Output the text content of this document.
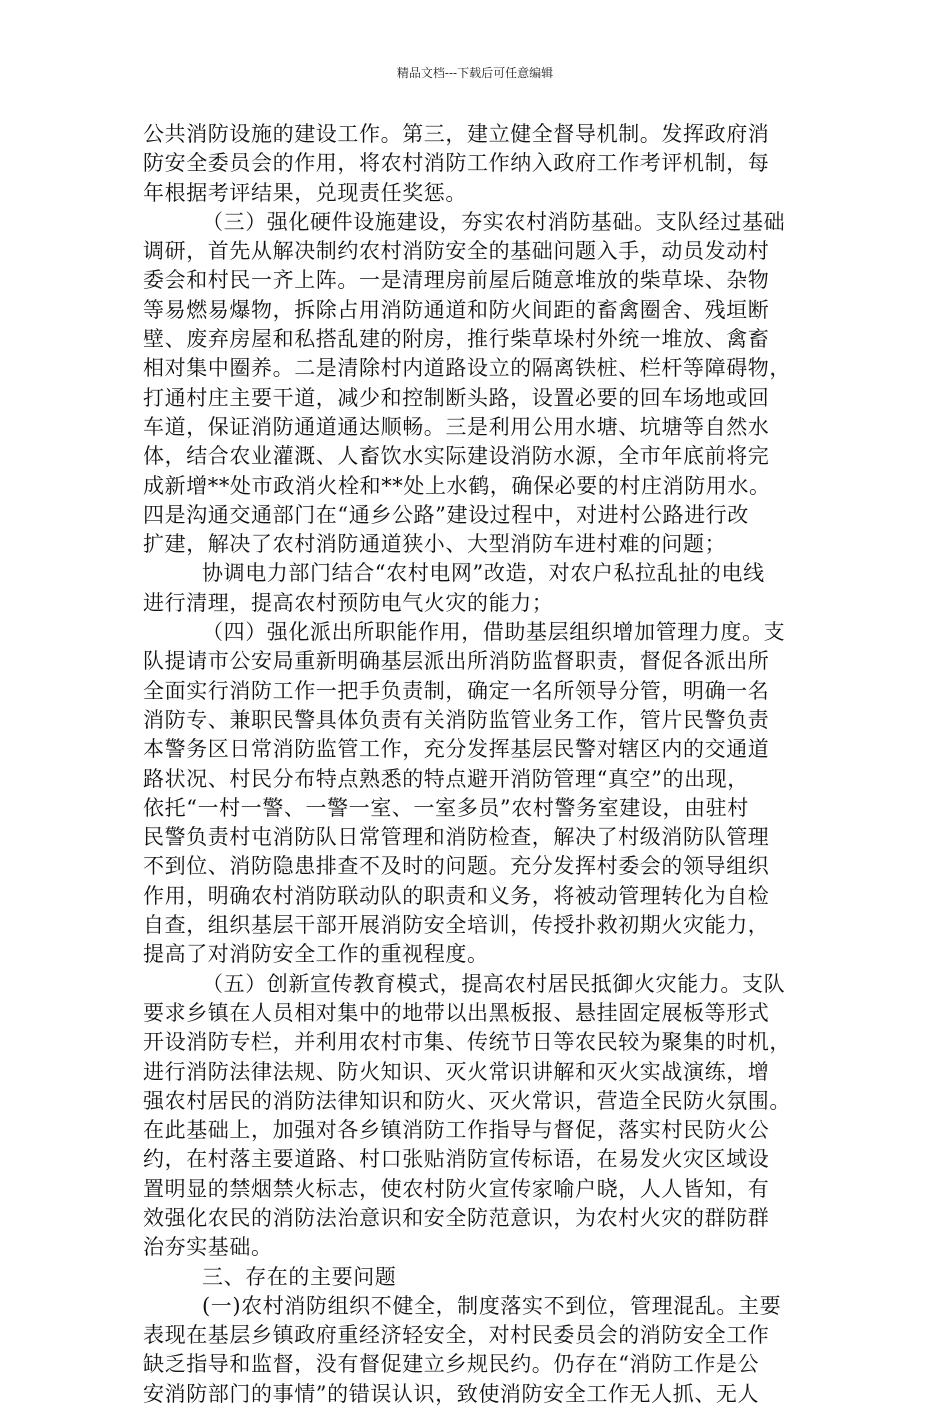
精品文档---下载后可任意编辑
公共消防设施的建设工作。第三，建立健全督导机制。发挥政府消
防安全委员会的作用，将农村消防工作纳入政府工作考评机制，每
年根据考评结果，兑现责任奖惩。
（三）强化硬件设施建设，夯实农村消防基础。支队经过基础
调研，首先从解决制约农村消防安全的基础问题入手，动员发动村
委会和村民一齐上阵。一是清理房前屋后随意堆放的柴草垛、杂物
等易燃易爆物，拆除占用消防通道和防火间距的畜禽圈舍、残垣断
壁、废弃房屋和私搭乱建的附房，推行柴草垛村外统一堆放、禽畜
相对集中圈养。二是清除村内道路设立的隔离铁桩、栏杆等障碍物，
打通村庄主要干道，减少和控制断头路，设置必要的回车场地或回
车道，保证消防通道通达顺畅。三是利用公用水塘、坑塘等自然水
体，结合农业灌溉、人畜饮水实际建设消防水源，全市年底前将完
成新增**处市政消火栓和**处上水鹤，确保必要的村庄消防用水。
四是沟通交通部门在“通乡公路”建设过程中，对进村公路进行改
扩建，解决了农村消防通道狭小、大型消防车进村难的问题；
协调电力部门结合“农村电网”改造，对农户私拉乱扯的电线
进行清理，提高农村预防电气火灾的能力；
（四）强化派出所职能作用，借助基层组织增加管理力度。支
队提请市公安局重新明确基层派出所消防监督职责，督促各派出所
全面实行消防工作一把手负责制，确定一名所领导分管，明确一名
消防专、兼职民警具体负责有关消防监管业务工作，管片民警负责
本警务区日常消防监管工作，充分发挥基层民警对辖区内的交通道
路状况、村民分布特点熟悉的特点避开消防管理“真空”的出现，
依托“一村一警、一警一室、一室多员”农村警务室建设，由驻村
民警负责村屯消防队日常管理和消防检查，解决了村级消防队管理
不到位、消防隐患排查不及时的问题。充分发挥村委会的领导组织
作用，明确农村消防联动队的职责和义务，将被动管理转化为自检
自查，组织基层干部开展消防安全培训，传授扑救初期火灾能力，
提高了对消防安全工作的重视程度。
（五）创新宣传教育模式，提高农村居民抵御火灾能力。支队
要求乡镇在人员相对集中的地带以出黑板报、悬挂固定展板等形式
开设消防专栏，并利用农村市集、传统节日等农民较为聚集的时机，
进行消防法律法规、防火知识、灭火常识讲解和灭火实战演练，增
强农村居民的消防法律知识和防火、灭火常识，营造全民防火氛围。
在此基础上，加强对各乡镇消防工作指导与督促，落实村民防火公
约，在村落主要道路、村口张贴消防宣传标语，在易发火灾区域设
置明显的禁烟禁火标志，使农村防火宣传家喻户晓，人人皆知，有
效强化农民的消防法治意识和安全防范意识，为农村火灾的群防群
治夯实基础。
三、存在的主要问题
(一)农村消防组织不健全，制度落实不到位，管理混乱。主要
表现在基层乡镇政府重经济轻安全，对村民委员会的消防安全工作
缺乏指导和监督，没有督促建立乡规民约。仍存在“消防工作是公
安消防部门的事情”的错误认识，致使消防安全工作无人抓、无人
